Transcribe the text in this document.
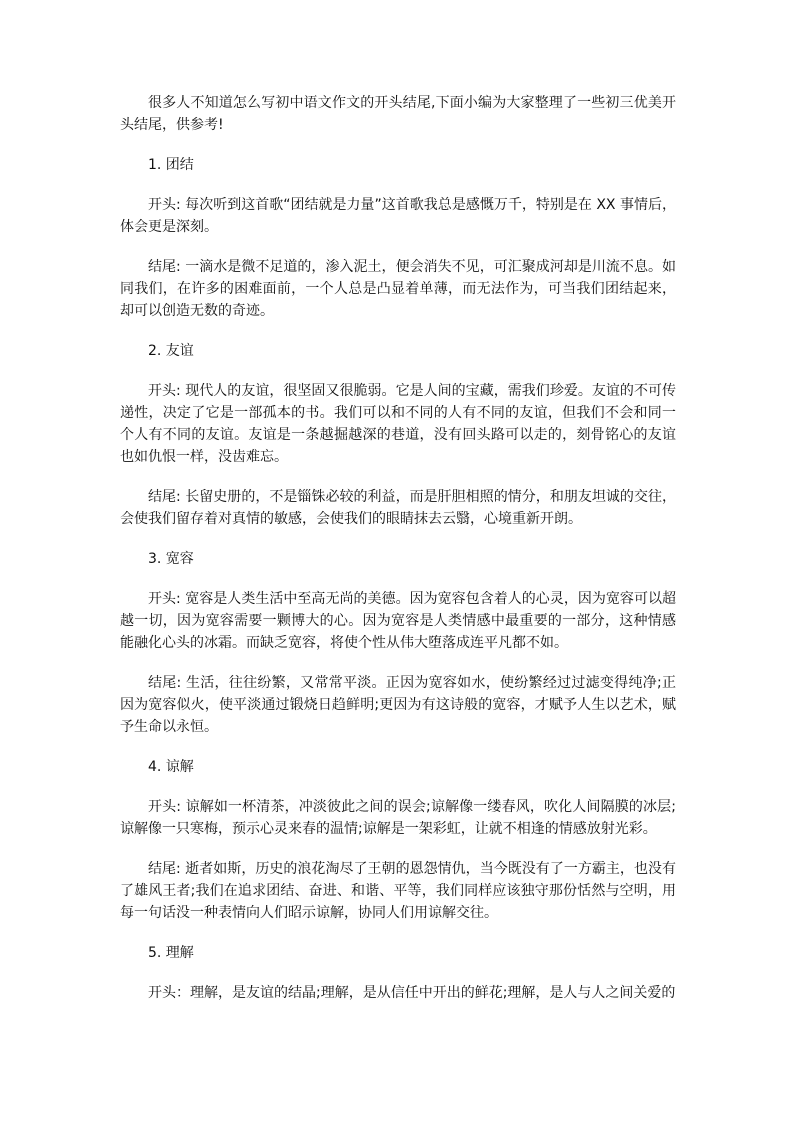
很多人不知道怎么写初中语文作文的开头结尾,下面小编为大家整理了一些初三优美开头结尾，供参考!

1. 团结

开头: 每次听到这首歌“团结就是力量”这首歌我总是感慨万千，特别是在 XX 事情后，体会更是深刻。

结尾: 一滴水是微不足道的，渗入泥土，便会消失不见，可汇聚成河却是川流不息。如同我们，在许多的困难面前，一个人总是凸显着单薄，而无法作为，可当我们团结起来，却可以创造无数的奇迹。

2. 友谊

开头: 现代人的友谊，很坚固又很脆弱。它是人间的宝藏，需我们珍爱。友谊的不可传递性，决定了它是一部孤本的书。我们可以和不同的人有不同的友谊，但我们不会和同一个人有不同的友谊。友谊是一条越掘越深的巷道，没有回头路可以走的，刻骨铭心的友谊也如仇恨一样，没齿难忘。

结尾: 长留史册的，不是锱铢必较的利益，而是肝胆相照的情分，和朋友坦诚的交往，会使我们留存着对真情的敏感，会使我们的眼睛抹去云翳，心境重新开朗。

3. 宽容

开头: 宽容是人类生活中至高无尚的美德。因为宽容包含着人的心灵，因为宽容可以超越一切，因为宽容需要一颗博大的心。因为宽容是人类情感中最重要的一部分，这种情感能融化心头的冰霜。而缺乏宽容，将使个性从伟大堕落成连平凡都不如。

结尾: 生活，往往纷繁，又常常平淡。正因为宽容如水，使纷繁经过过滤变得纯净;正因为宽容似火，使平淡通过锻烧日趋鲜明;更因为有这诗般的宽容，才赋予人生以艺术，赋予生命以永恒。

4. 谅解

开头: 谅解如一杯清茶，冲淡彼此之间的误会;谅解像一缕春风，吹化人间隔膜的冰层;谅解像一只寒梅，预示心灵来春的温情;谅解是一架彩虹，让就不相逢的情感放射光彩。

结尾: 逝者如斯，历史的浪花淘尽了王朝的恩怨情仇，当今既没有了一方霸主，也没有了雄风王者;我们在追求团结、奋进、和谐、平等，我们同样应该独守那份恬然与空明，用每一句话没一种表情向人们昭示谅解，协同人们用谅解交往。

5. 理解

开头：理解，是友谊的结晶;理解，是从信任中开出的鲜花;理解，是人与人之间关爱的
